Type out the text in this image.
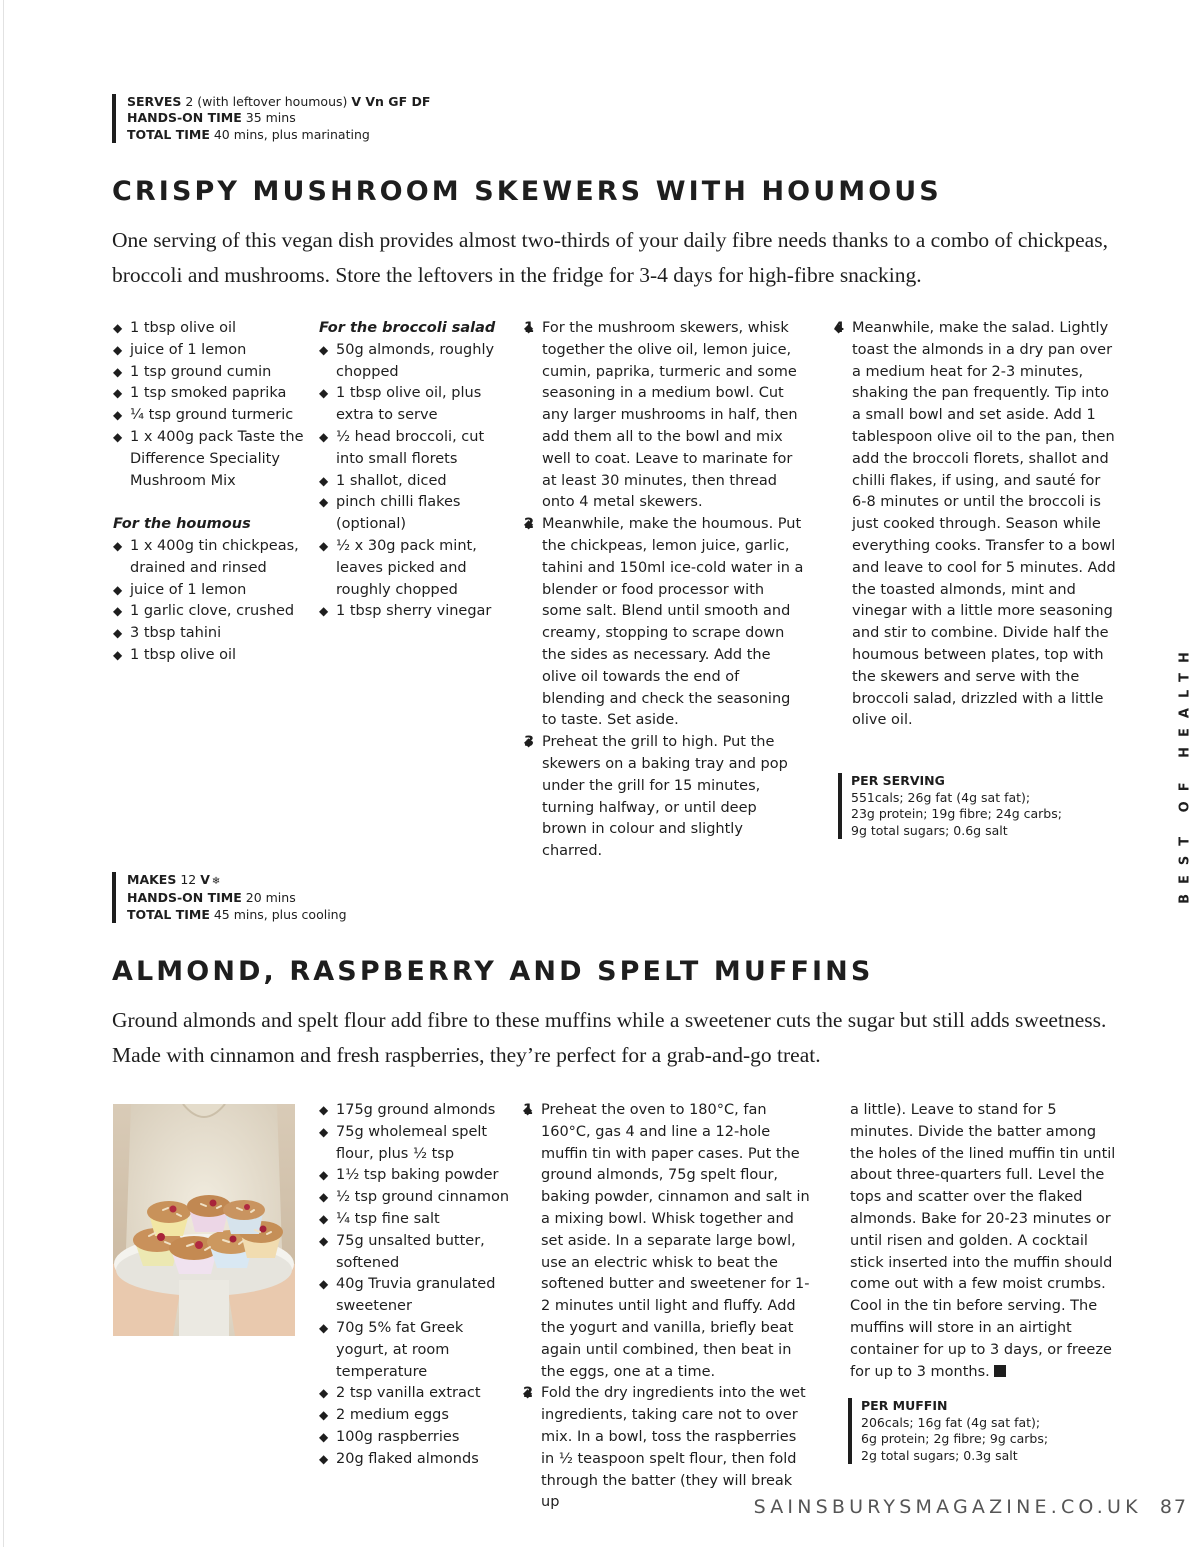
SERVES 2 (with leftover houmous) V Vn GF DF
HANDS-ON TIME 35 mins
TOTAL TIME 40 mins, plus marinating
CRISPY MUSHROOM SKEWERS WITH HOUMOUS

One serving of this vegan dish provides almost two-thirds of your daily fibre needs thanks to a combo of chickpeas, broccoli and mushrooms. Store the leftovers in the fridge for 3-4 days for high-fibre snacking.

◆ 1 tbsp olive oil
◆ juice of 1 lemon
◆ 1 tsp ground cumin
◆ 1 tsp smoked paprika
◆ ¼ tsp ground turmeric
◆ 1 x 400g pack Taste the Difference Speciality Mushroom Mix

For the houmous

◆ 1 x 400g tin chickpeas, drained and rinsed
◆ juice of 1 lemon
◆ 1 garlic clove, crushed
◆ 3 tbsp tahini
◆ 1 tbsp olive oil

For the broccoli salad

◆ 50g almonds, roughly chopped
◆ 1 tbsp olive oil, plus extra to serve
◆ ½ head broccoli, cut into small florets
◆ 1 shallot, diced
◆ pinch chilli flakes (optional)
◆ ½ x 30g pack mint, leaves picked and roughly chopped
◆ 1 tbsp sherry vinegar
◆ 1 For the mushroom skewers, whisk together the olive oil, lemon juice, cumin, paprika, turmeric and some seasoning in a medium bowl. Cut any larger mushrooms in half, then add them all to the bowl and mix well to coat. Leave to marinate for at least 30 minutes, then thread onto 4 metal skewers.

◆ 2 Meanwhile, make the houmous. Put the chickpeas, lemon juice, garlic, tahini and 150ml ice-cold water in a blender or food processor with some salt. Blend until smooth and creamy, stopping to scrape down the sides as necessary. Add the olive oil towards the end of blending and check the seasoning to taste. Set aside.

◆ 3 Preheat the grill to high. Put the skewers on a baking tray and pop under the grill for 15 minutes, turning halfway, or until deep brown in colour and slightly charred.

◆ 4 Meanwhile, make the salad. Lightly toast the almonds in a dry pan over a medium heat for 2-3 minutes, shaking the pan frequently. Tip into a small bowl and set aside. Add 1 tablespoon olive oil to the pan, then add the broccoli florets, shallot and chilli flakes, if using, and sauté for 6-8 minutes or until the broccoli is just cooked through. Season while everything cooks. Transfer to a bowl and leave to cool for 5 minutes. Add the toasted almonds, mint and vinegar with a little more seasoning and stir to combine. Divide half the houmous between plates, top with the skewers and serve with the broccoli salad, drizzled with a little olive oil.

PER SERVING
551cals; 26g fat (4g sat fat);
23g protein; 19g fibre; 24g carbs;
9g total sugars; 0.6g salt
MAKES 12 V ❄
HANDS-ON TIME 20 mins
TOTAL TIME 45 mins, plus cooling
ALMOND, RASPBERRY AND SPELT MUFFINS

Ground almonds and spelt flour add fibre to these muffins while a sweetener cuts the sugar but still adds sweetness. Made with cinnamon and fresh raspberries, they’re perfect for a grab-and-go treat.

◆ 175g ground almonds
◆ 75g wholemeal spelt flour, plus ½ tsp
◆ 1½ tsp baking powder
◆ ½ tsp ground cinnamon
◆ ¼ tsp fine salt
◆ 75g unsalted butter, softened
◆ 40g Truvia granulated sweetener
◆ 70g 5% fat Greek yogurt, at room temperature
◆ 2 tsp vanilla extract
◆ 2 medium eggs
◆ 100g raspberries
◆ 20g flaked almonds
◆ 1 Preheat the oven to 180°C, fan 160°C, gas 4 and line a 12-hole muffin tin with paper cases. Put the ground almonds, 75g spelt flour, baking powder, cinnamon and salt in a mixing bowl. Whisk together and set aside. In a separate large bowl, use an electric whisk to beat the softened butter and sweetener for 1-2 minutes until light and fluffy. Add the yogurt and vanilla, briefly beat again until combined, then beat in the eggs, one at a time.

◆ 2 Fold the dry ingredients into the wet ingredients, taking care not to over mix. In a bowl, toss the raspberries in ½ teaspoon spelt flour, then fold through the batter (they will break up

a little). Leave to stand for 5 minutes. Divide the batter among the holes of the lined muffin tin until about three-quarters full. Level the tops and scatter over the flaked almonds. Bake for 20-23 minutes or until risen and golden. A cocktail stick inserted into the muffin should come out with a few moist crumbs. Cool in the tin before serving. The muffins will store in an airtight container for up to 3 days, or freeze for up to 3 months.

PER MUFFIN
206cals; 16g fat (4g sat fat);
6g protein; 2g fibre; 9g carbs;
2g total sugars; 0.3g salt
BEST OF HEALTH
SAINSBURYSMAGAZINE.CO.UK 87
